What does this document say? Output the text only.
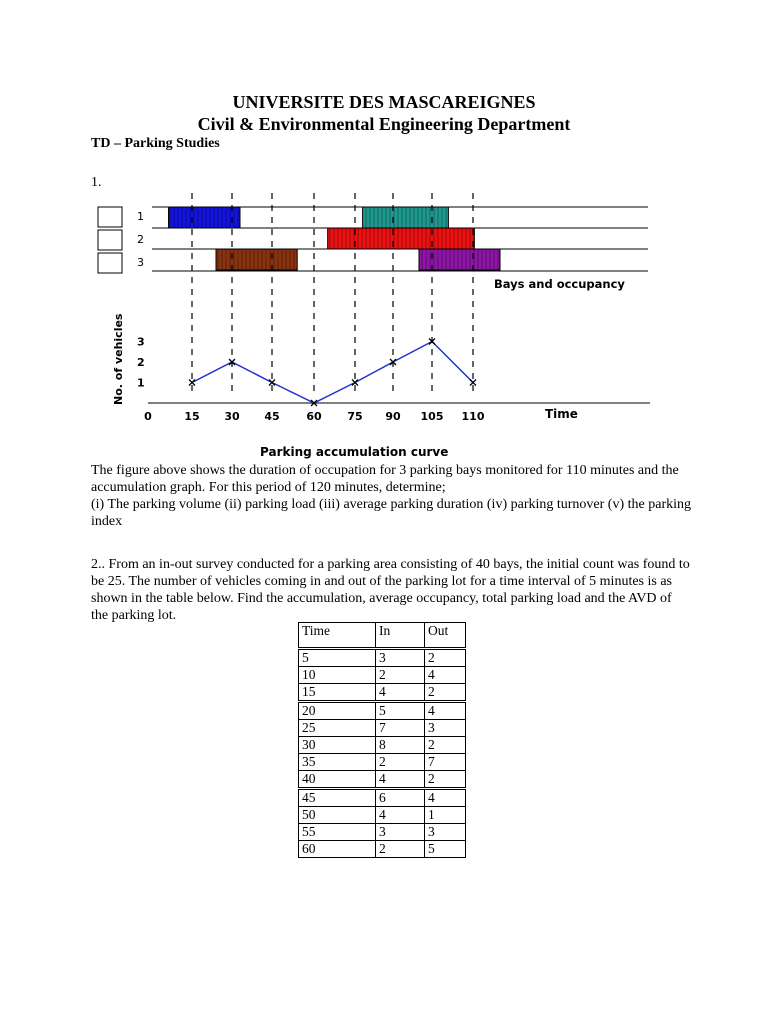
UNIVERSITE DES MASCAREIGNES
Civil & Environmental Engineering Department
TD – Parking Studies
1.
1
2
3
Bays and occupancy
No. of vehicles
0	15 30 45 60 75 90 105 110
1
2
3
Time
Parking accumulation curve
The figure above shows the duration of occupation for 3 parking bays monitored for 110 minutes and the accumulation graph. For this period of 120 minutes, determine;
(i) The parking volume (ii) parking load (iii) average parking duration (iv) parking turnover (v) the parking index
2.. From an in-out survey conducted for a parking area consisting of 40 bays, the initial count was found to be 25. The number of vehicles coming in and out of the parking lot for a time interval of 5 minutes is as shown in the table below. Find the accumulation, average occupancy, total parking load and the AVD of the parking lot.
Time	In	Out
5	3	2
10	2	4
15	4	2
20	5	4
25	7	3
30	8	2
35	2	7
40	4	2
45	6	4
50	4	1
55	3	3
60	2	5
